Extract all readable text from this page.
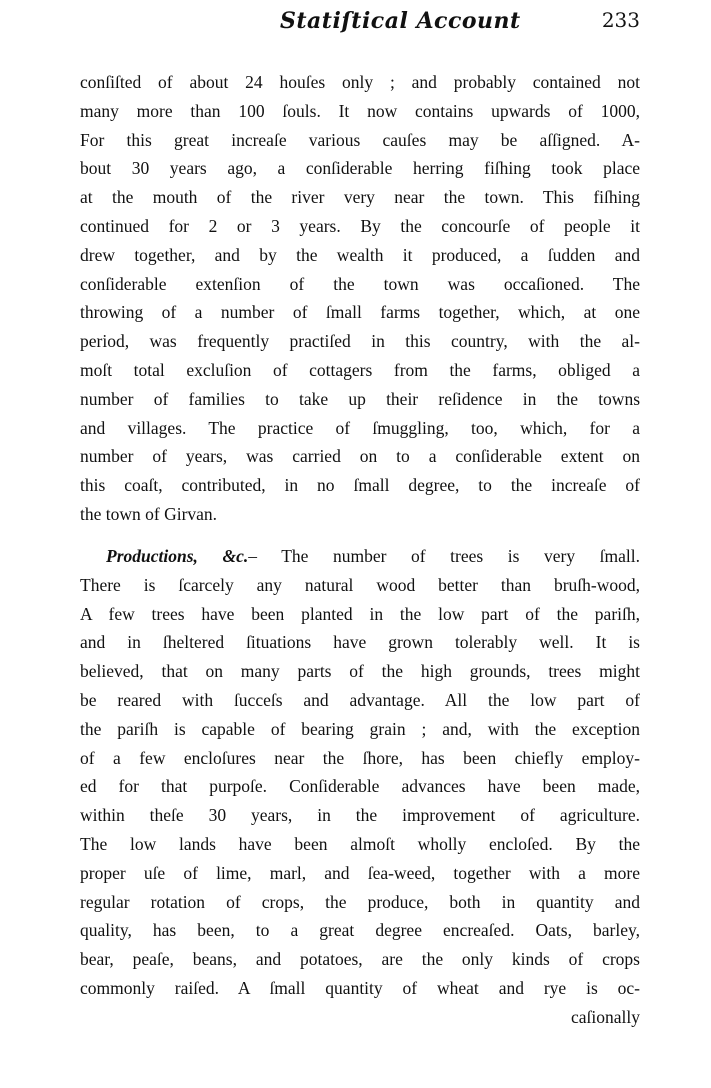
Statiſtical Account	233
conſiſted of about 24 houſes only ; and probably contained not
many more than 100 ſouls. It now contains upwards of 1000,
For this great increaſe various cauſes may be aſſigned. A-
bout 30 years ago, a conſiderable herring fiſhing took place
at the mouth of the river very near the town. This fiſhing
continued for 2 or 3 years. By the concourſe of people it
drew together, and by the wealth it produced, a ſudden and
conſiderable extenſion of the town was occaſioned. The
throwing of a number of ſmall farms together, which, at one
period, was frequently practiſed in this country, with the al-
moſt total excluſion of cottagers from the farms, obliged a
number of families to take up their reſidence in the towns
and villages. The practice of ſmuggling, too, which, for a
number of years, was carried on to a conſiderable extent on
this coaſt, contributed, in no ſmall degree, to the increaſe of
the town of Girvan.
Productions, &c.– The number of trees is very ſmall.
There is ſcarcely any natural wood better than bruſh-wood,
A few trees have been planted in the low part of the pariſh,
and in ſheltered ſituations have grown tolerably well. It is
believed, that on many parts of the high grounds, trees might
be reared with ſucceſs and advantage. All the low part of
the pariſh is capable of bearing grain ; and, with the exception
of a few encloſures near the ſhore, has been chiefly employ-
ed for that purpoſe. Conſiderable advances have been made,
within theſe 30 years, in the improvement of agriculture.
The low lands have been almoſt wholly encloſed. By the
proper uſe of lime, marl, and ſea-weed, together with a more
regular rotation of crops, the produce, both in quantity and
quality, has been, to a great degree encreaſed. Oats, barley,
bear, peaſe, beans, and potatoes, are the only kinds of crops
commonly raiſed. A ſmall quantity of wheat and rye is oc-
caſionally
